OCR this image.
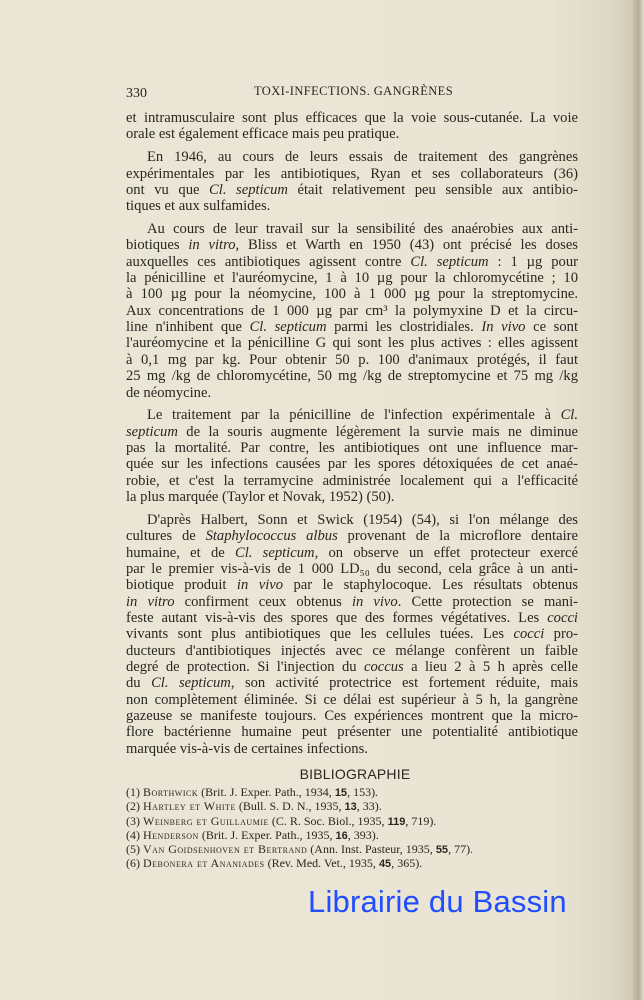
330	TOXI-INFECTIONS. GANGRÈNES
et intramusculaire sont plus efficaces que la voie sous-cutanée. La voie
orale est également efficace mais peu pratique.
En 1946, au cours de leurs essais de traitement des gangrènes
expérimentales par les antibiotiques, Ryan et ses collaborateurs (36)
ont vu que Cl. septicum était relativement peu sensible aux antibio-
tiques et aux sulfamides.
Au cours de leur travail sur la sensibilité des anaérobies aux anti-
biotiques in vitro, Bliss et Warth en 1950 (43) ont précisé les doses
auxquelles ces antibiotiques agissent contre Cl. septicum : 1 µg pour
la pénicilline et l'auréomycine, 1 à 10 µg pour la chloromycétine ; 10
à 100 µg pour la néomycine, 100 à 1 000 µg pour la streptomycine.
Aux concentrations de 1 000 µg par cm³ la polymyxine D et la circu-
line n'inhibent que Cl. septicum parmi les clostridiales. In vivo ce sont
l'auréomycine et la pénicilline G qui sont les plus actives : elles agissent
à 0,1 mg par kg. Pour obtenir 50 p. 100 d'animaux protégés, il faut
25 mg /kg de chloromycétine, 50 mg /kg de streptomycine et 75 mg /kg
de néomycine.
Le traitement par la pénicilline de l'infection expérimentale à Cl.
septicum de la souris augmente légèrement la survie mais ne diminue
pas la mortalité. Par contre, les antibiotiques ont une influence mar-
quée sur les infections causées par les spores détoxiquées de cet anaé-
robie, et c'est la terramycine administrée localement qui a l'efficacité
la plus marquée (Taylor et Novak, 1952) (50).
D'après Halbert, Sonn et Swick (1954) (54), si l'on mélange des
cultures de Staphylococcus albus provenant de la microflore dentaire
humaine, et de Cl. septicum, on observe un effet protecteur exercé
par le premier vis-à-vis de 1 000 LD₅₀ du second, cela grâce à un anti-
biotique produit in vivo par le staphylocoque. Les résultats obtenus
in vitro confirment ceux obtenus in vivo. Cette protection se mani-
feste autant vis-à-vis des spores que des formes végétatives. Les cocci
vivants sont plus antibiotiques que les cellules tuées. Les cocci pro-
ducteurs d'antibiotiques injectés avec ce mélange confèrent un faible
degré de protection. Si l'injection du coccus a lieu 2 à 5 h après celle
du Cl. septicum, son activité protectrice est fortement réduite, mais
non complètement éliminée. Si ce délai est supérieur à 5 h, la gangrène
gazeuse se manifeste toujours. Ces expériences montrent que la micro-
flore bactérienne humaine peut présenter une potentialité antibiotique
marquée vis-à-vis de certaines infections.
BIBLIOGRAPHIE
(1) Borthwick (Brit. J. Exper. Path., 1934, 15, 153).
(2) Hartley et White (Bull. S. D. N., 1935, 13, 33).
(3) Weinberg et Guillaumie (C. R. Soc. Biol., 1935, 119, 719).
(4) Henderson (Brit. J. Exper. Path., 1935, 16, 393).
(5) Van Goidsenhoven et Bertrand (Ann. Inst. Pasteur, 1935, 55, 77).
(6) Debonera et Ananiades (Rev. Med. Vet., 1935, 45, 365).
Librairie du Bassin
